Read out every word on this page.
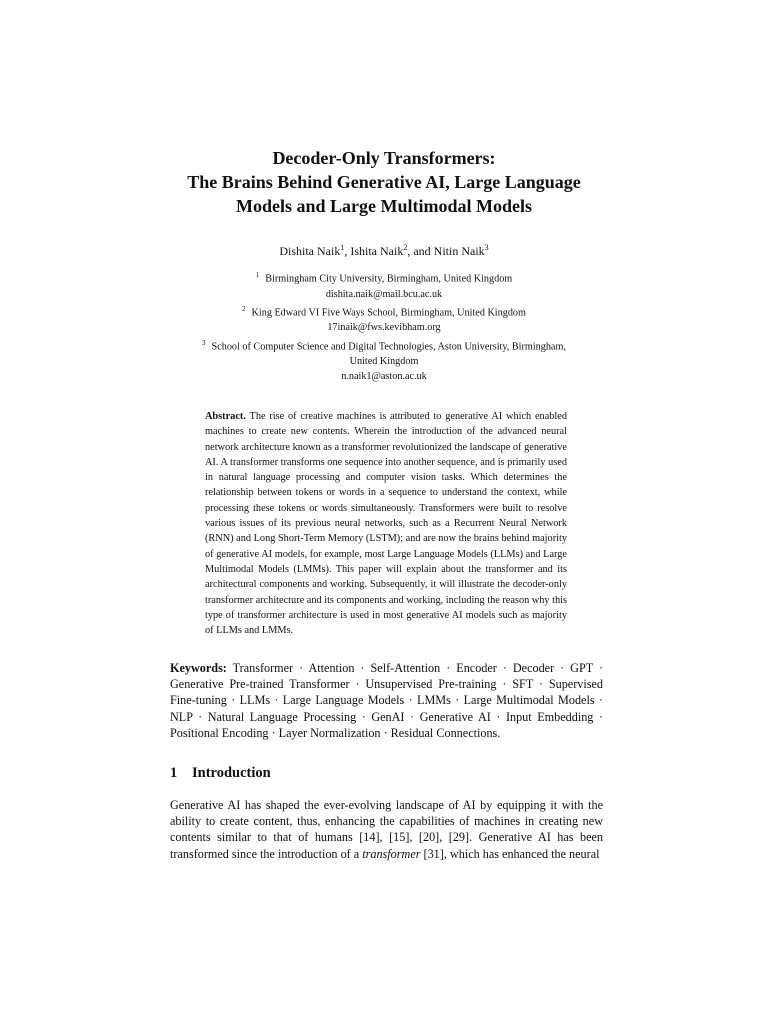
Decoder-Only Transformers:
The Brains Behind Generative AI, Large Language
Models and Large Multimodal Models
Dishita Naik$^1$, Ishita Naik$^2$, and Nitin Naik$^3$
$^1$ Birmingham City University, Birmingham, United Kingdom
dishita.naik@mail.bcu.ac.uk
$^2$ King Edward VI Five Ways School, Birmingham, United Kingdom
17inaik@fws.kevibham.org
$^3$ School of Computer Science and Digital Technologies, Aston University, Birmingham,
United Kingdom
n.naik1@aston.ac.uk

Abstract. The rise of creative machines is attributed to generative AI which enabled machines to create new contents. Wherein the introduction of the advanced neural network architecture known as a transformer revolutionized the landscape of generative AI. A transformer transforms one sequence into another sequence, and is primarily used in natural language processing and computer vision tasks. Which determines the relationship between tokens or words in a sequence to understand the context, while processing these tokens or words simultaneously. Transformers were built to resolve various issues of its previous neural networks, such as a Recurrent Neural Network (RNN) and Long Short-Term Memory (LSTM); and are now the brains behind majority of generative AI models, for example, most Large Language Models (LLMs) and Large Multimodal Models (LMMs). This paper will explain about the transformer and its architectural components and working. Subsequently, it will illustrate the decoder-only transformer architecture and its components and working, including the reason why this type of transformer architecture is used in most generative AI models such as majority of LLMs and LMMs.

Keywords: Transformer · Attention · Self-Attention · Encoder · Decoder · GPT · Generative Pre-trained Transformer · Unsupervised Pre-training · SFT · Supervised Fine-tuning · LLMs · Large Language Models · LMMs · Large Multimodal Models · NLP · Natural Language Processing · GenAI · Generative AI · Input Embedding · Positional Encoding · Layer Normalization · Residual Connections.

1 Introduction

Generative AI has shaped the ever-evolving landscape of AI by equipping it with the ability to create content, thus, enhancing the capabilities of machines in creating new contents similar to that of humans [14], [15], [20], [29]. Generative AI has been transformed since the introduction of a transformer [31], which has enhanced the neural
